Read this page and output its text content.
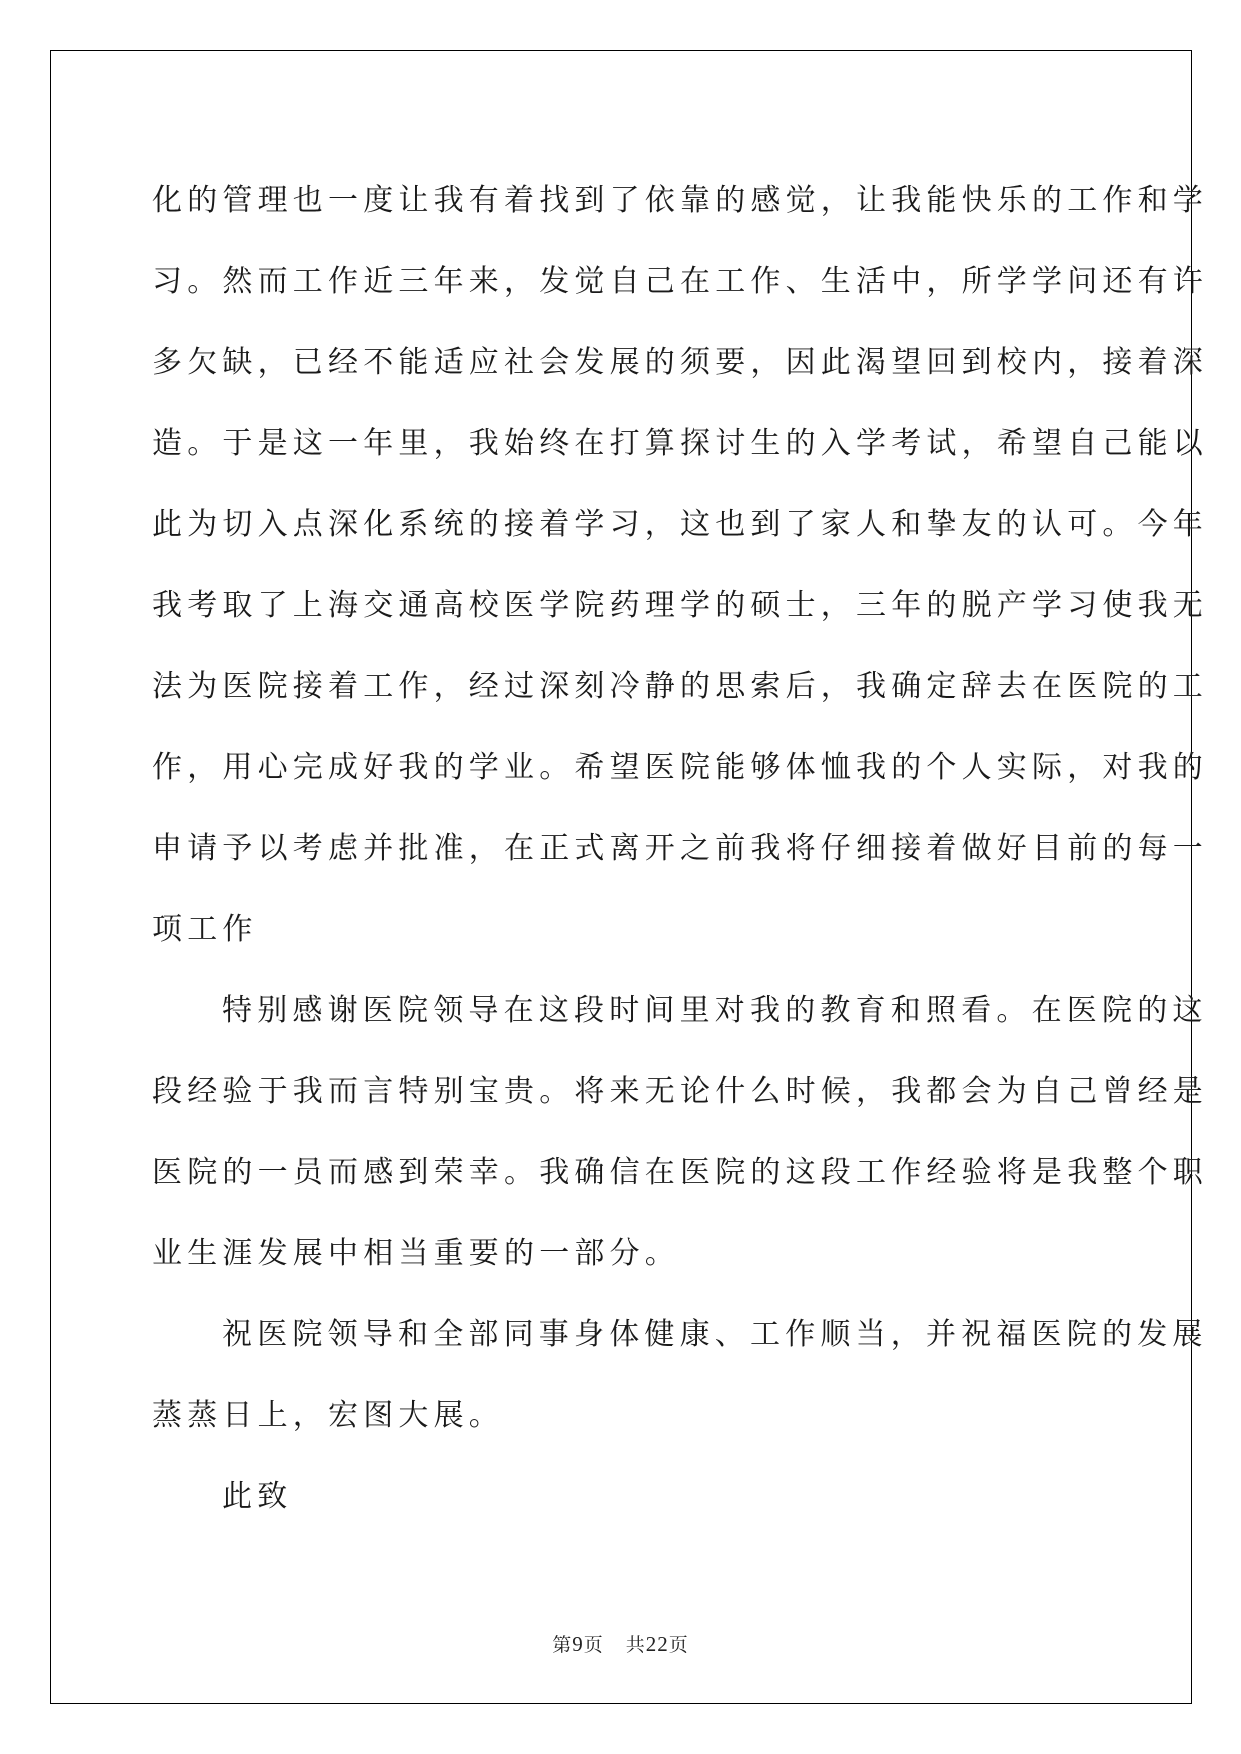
化的管理也一度让我有着找到了依靠的感觉，让我能快乐的工作和学
习。然而工作近三年来，发觉自己在工作、生活中，所学学问还有许
多欠缺，已经不能适应社会发展的须要，因此渴望回到校内，接着深
造。于是这一年里，我始终在打算探讨生的入学考试，希望自己能以
此为切入点深化系统的接着学习，这也到了家人和挚友的认可。今年
我考取了上海交通高校医学院药理学的硕士，三年的脱产学习使我无
法为医院接着工作，经过深刻冷静的思索后，我确定辞去在医院的工
作，用心完成好我的学业。希望医院能够体恤我的个人实际，对我的
申请予以考虑并批准，在正式离开之前我将仔细接着做好目前的每一
项工作

特别感谢医院领导在这段时间里对我的教育和照看。在医院的这
段经验于我而言特别宝贵。将来无论什么时候，我都会为自己曾经是
医院的一员而感到荣幸。我确信在医院的这段工作经验将是我整个职
业生涯发展中相当重要的一部分。

祝医院领导和全部同事身体健康、工作顺当，并祝福医院的发展
蒸蒸日上，宏图大展。

此致

第9页 共22页
